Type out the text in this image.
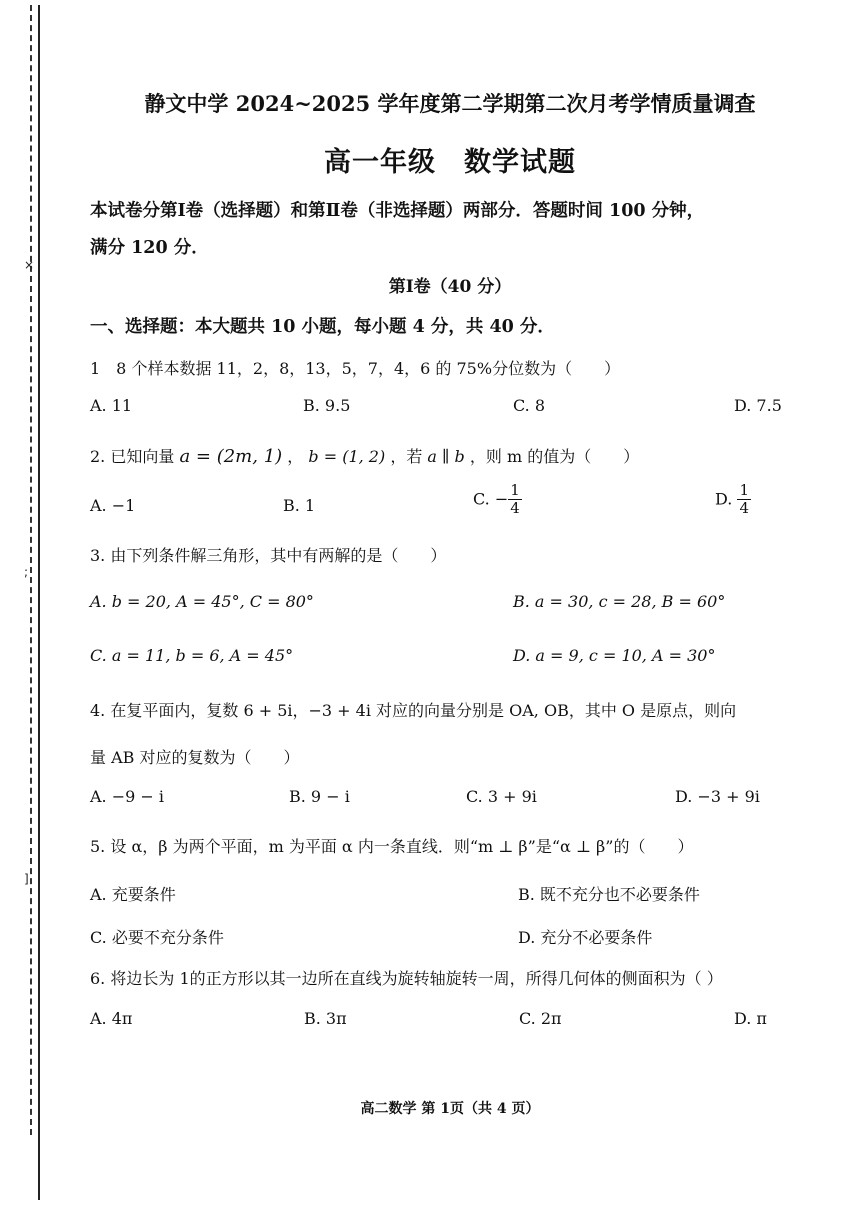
×
;
]
静文中学 2024~2025 学年度第二学期第二次月考学情质量调查
高一年级　数学试题
本试卷分第Ⅰ卷（选择题）和第Ⅱ卷（非选择题）两部分．答题时间 100 分钟，
满分 120 分．
第Ⅰ卷（40 分）
一、选择题：本大题共 10 小题，每小题 4 分，共 40 分．
1　8 个样本数据 11，2，8，13，5，7，4，6 的 75%分位数为（　　）
A. 11	B. 9.5	C. 8	D. 7.5
2. 已知向量 a = (2m, 1) ， b = (1, 2) ，若 a ∥ b ，则 m 的值为（　　）
A. −1	B. 1	C. − $\frac{1}{4}$	D. $\frac{1}{4}$
3. 由下列条件解三角形，其中有两解的是（　　）
A. b = 20, A = 45°, C = 80°	B. a = 30, c = 28, B = 60°
C. a = 11, b = 6, A = 45°	D. a = 9, c = 10, A = 30°
4. 在复平面内，复数 6 + 5i，−3 + 4i 对应的向量分别是 OA, OB，其中 O 是原点，则向
量 AB 对应的复数为（　　）
A. −9 − i	B. 9 − i	C. 3 + 9i	D. −3 + 9i
5. 设 α，β 为两个平面，m 为平面 α 内一条直线．则“m ⊥ β”是“α ⊥ β”的（　　）
A. 充要条件	B. 既不充分也不必要条件
C. 必要不充分条件	D. 充分不必要条件
6. 将边长为 1的正方形以其一边所在直线为旋转轴旋转一周，所得几何体的侧面积为（ ）
A. 4π	B. 3π	C. 2π	D. π
高二数学 第 1页（共 4 页）
